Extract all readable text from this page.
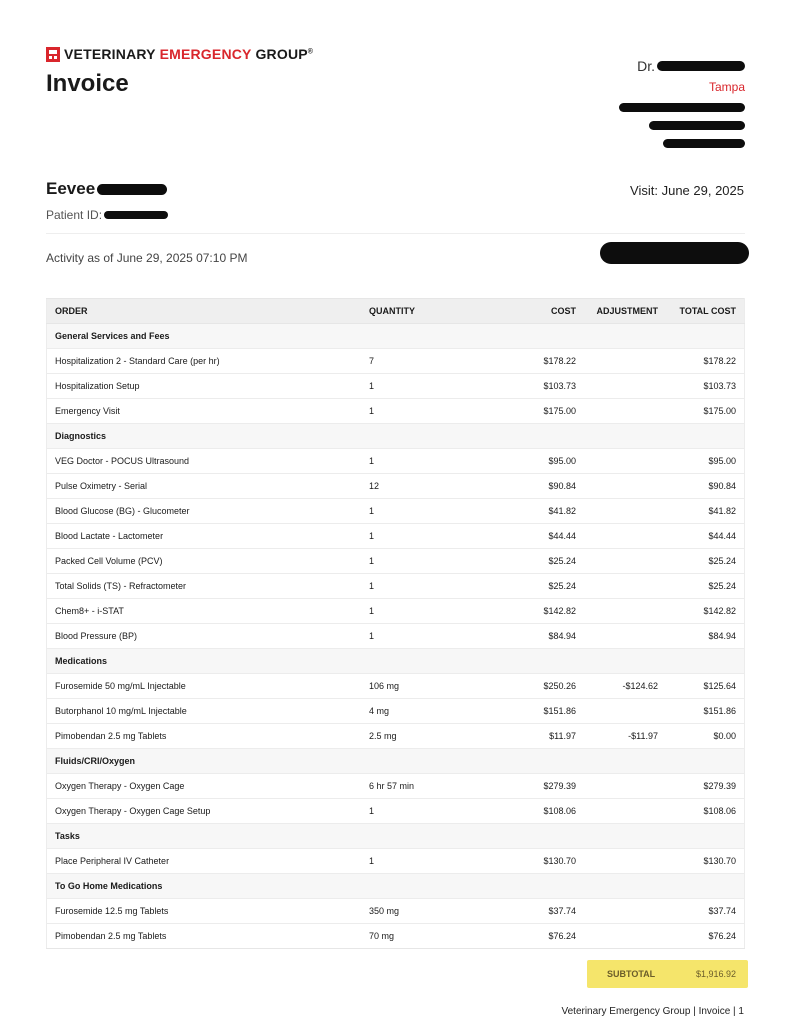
VETERINARY EMERGENCY GROUP®
Invoice
Dr.
Tampa
Eevee
Patient ID:
Visit: June 29, 2025
Activity as of June 29, 2025 07:10 PM
ORDER	QUANTITY	COST	ADJUSTMENT	TOTAL COST
General Services and Fees				
Hospitalization 2 - Standard Care (per hr)	7	$178.22		$178.22
Hospitalization Setup	1	$103.73		$103.73
Emergency Visit	1	$175.00		$175.00
Diagnostics				
VEG Doctor - POCUS Ultrasound	1	$95.00		$95.00
Pulse Oximetry - Serial	12	$90.84		$90.84
Blood Glucose (BG) - Glucometer	1	$41.82		$41.82
Blood Lactate - Lactometer	1	$44.44		$44.44
Packed Cell Volume (PCV)	1	$25.24		$25.24
Total Solids (TS) - Refractometer	1	$25.24		$25.24
Chem8+ - i-STAT	1	$142.82		$142.82
Blood Pressure (BP)	1	$84.94		$84.94
Medications				
Furosemide 50 mg/mL Injectable	106 mg	$250.26	-$124.62	$125.64
Butorphanol 10 mg/mL Injectable	4 mg	$151.86		$151.86
Pimobendan 2.5 mg Tablets	2.5 mg	$11.97	-$11.97	$0.00
Fluids/CRI/Oxygen				
Oxygen Therapy - Oxygen Cage	6 hr 57 min	$279.39		$279.39
Oxygen Therapy - Oxygen Cage Setup	1	$108.06		$108.06
Tasks				
Place Peripheral IV Catheter	1	$130.70		$130.70
To Go Home Medications				
Furosemide 12.5 mg Tablets	350 mg	$37.74		$37.74
Pimobendan 2.5 mg Tablets	70 mg	$76.24		$76.24
SUBTOTAL	$1,916.92
Veterinary Emergency Group | Invoice | 1
